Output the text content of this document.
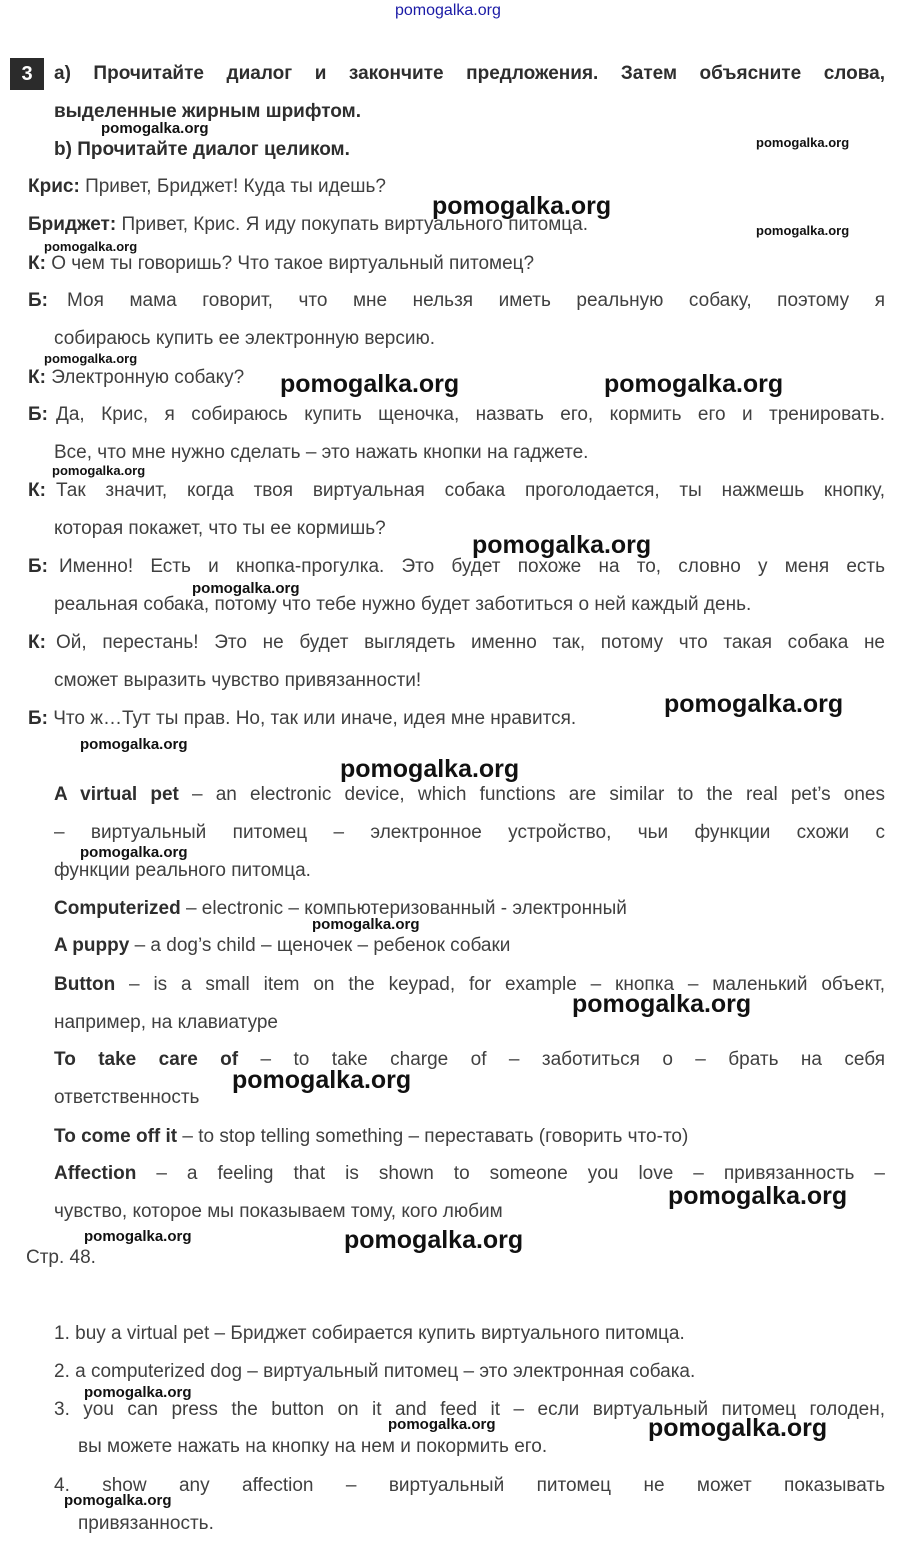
pomogalka.org
3	a) Прочитайте диалог и закончите предложения. Затем объясните слова,
выделенные жирным шрифтом.
b) Прочитайте диалог целиком.
Крис: Привет, Бриджет! Куда ты идешь?
Бриджет: Привет, Крис. Я иду покупать виртуального питомца.
К: О чем ты говоришь? Что такое виртуальный питомец?
Б: Моя мама говорит, что мне нельзя иметь реальную собаку, поэтому я
собираюсь купить ее электронную версию.
К: Электронную собаку?
Б: Да, Крис, я собираюсь купить щеночка, назвать его, кормить его и тренировать.
Все, что мне нужно сделать – это нажать кнопки на гаджете.
К: Так значит, когда твоя виртуальная собака проголодается, ты нажмешь кнопку,
которая покажет, что ты ее кормишь?
Б: Именно! Есть и кнопка-прогулка. Это будет похоже на то, словно у меня есть
реальная собака, потому что тебе нужно будет заботиться о ней каждый день.
К: Ой, перестань! Это не будет выглядеть именно так, потому что такая собака не
сможет выразить чувство привязанности!
Б: Что ж…Тут ты прав. Но, так или иначе, идея мне нравится.
A virtual pet – an electronic device, which functions are similar to the real pet’s ones
– виртуальный питомец – электронное устройство, чьи функции схожи с
функции реального питомца.
Computerized – electronic – компьютеризованный - электронный
A puppy – a dog’s child – щеночек – ребенок собаки
Button – is a small item on the keypad, for example – кнопка – маленький объект,
например, на клавиатуре
To take care of – to take charge of – заботиться о – брать на себя
ответственность
To come off it – to stop telling something – переставать (говорить что-то)
Affection – a feeling that is shown to someone you love – привязанность –
чувство, которое мы показываем тому, кого любим
Стр. 48.
1. buy a virtual pet – Бриджет собирается купить виртуального питомца.
2. a computerized dog – виртуальный питомец – это электронная собака.
3. you can press the button on it and feed it – если виртуальный питомец голоден,
вы можете нажать на кнопку на нем и покормить его.
4. show any affection – виртуальный питомец не может показывать
привязанность.
pomogalka.org
pomogalka.org
pomogalka.org
pomogalka.org
pomogalka.org
pomogalka.org
pomogalka.org	pomogalka.org
pomogalka.org
pomogalka.org
pomogalka.org
pomogalka.org
pomogalka.org
pomogalka.org
pomogalka.org
pomogalka.org
pomogalka.org
pomogalka.org
pomogalka.org
pomogalka.org	pomogalka.org
pomogalka.org
pomogalka.org	pomogalka.org
pomogalka.org
